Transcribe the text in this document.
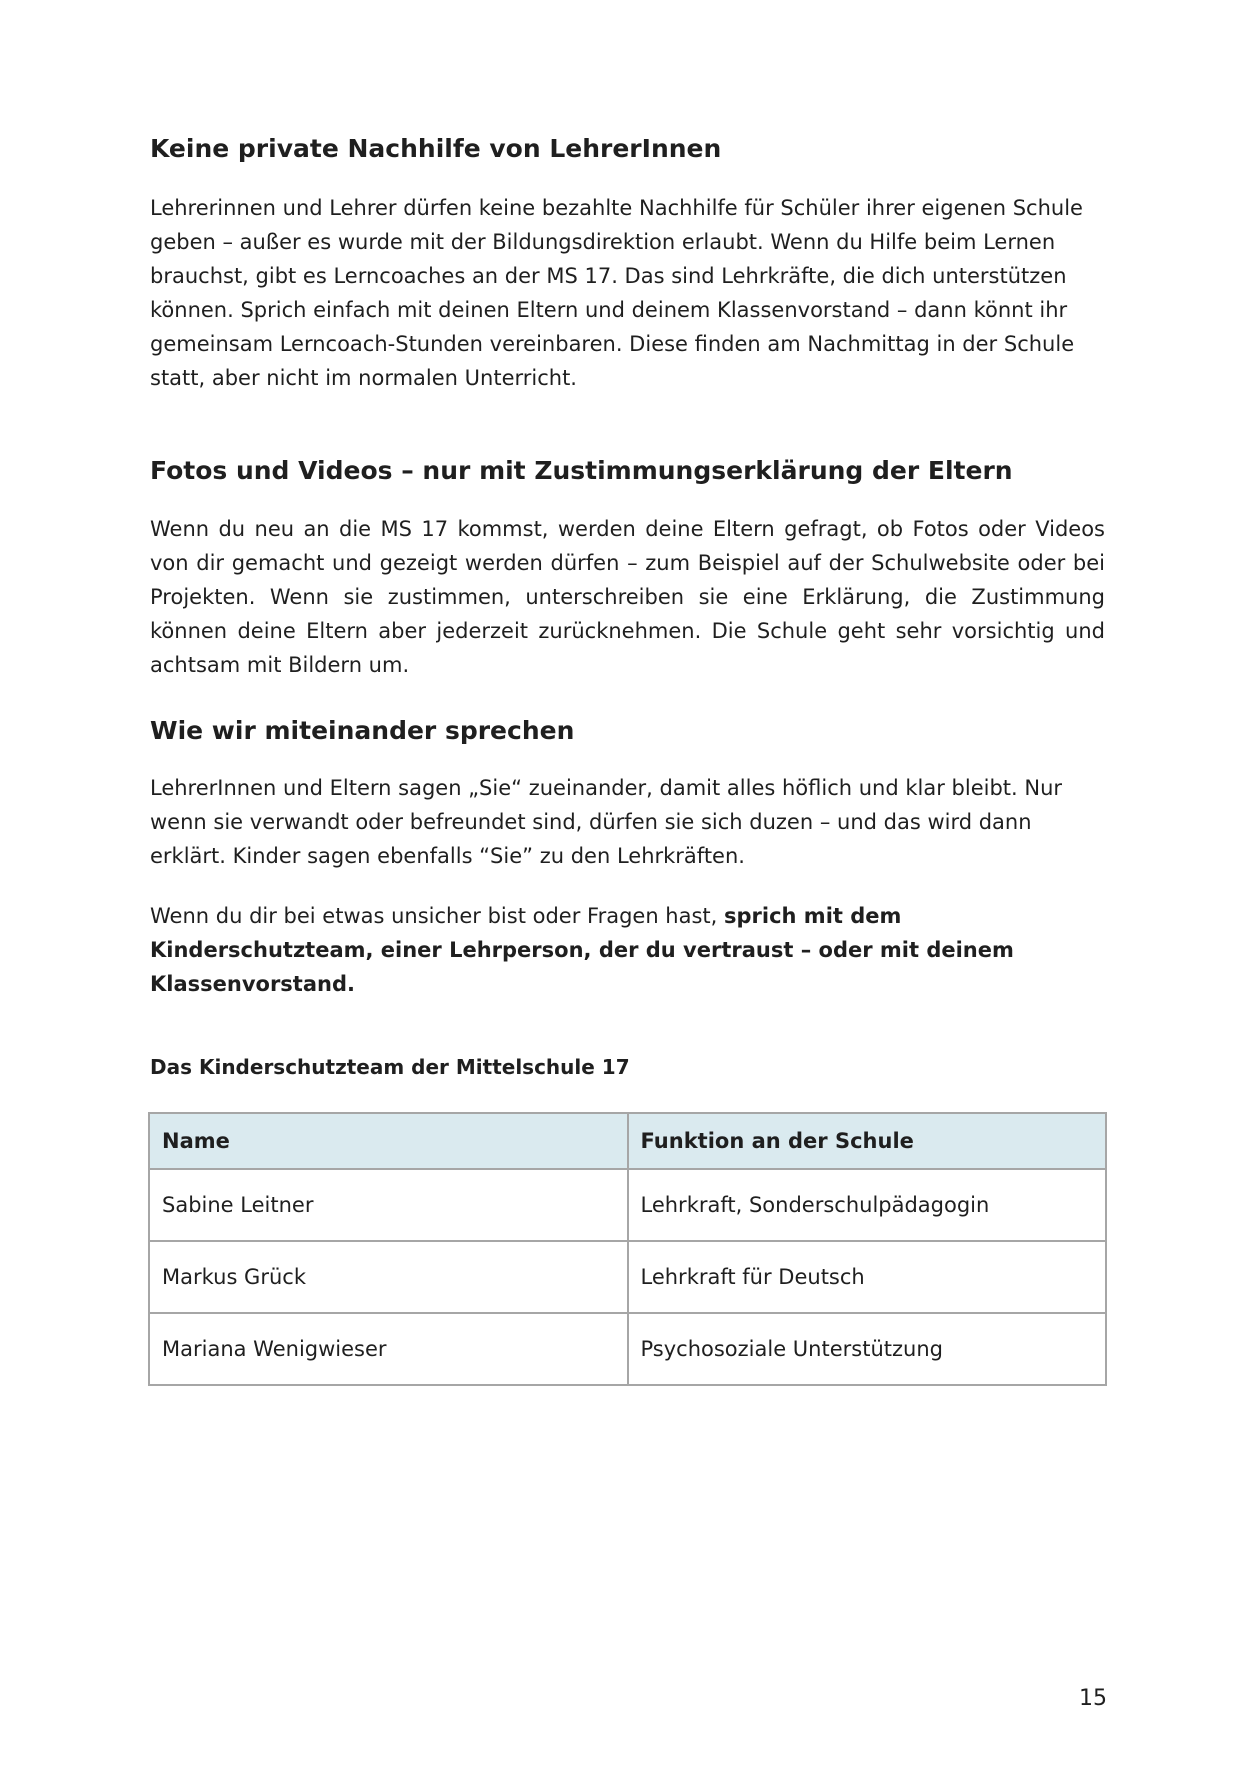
Keine private Nachhilfe von LehrerInnen

Lehrerinnen und Lehrer dürfen keine bezahlte Nachhilfe für Schüler ihrer eigenen Schule geben – außer es wurde mit der Bildungsdirektion erlaubt. Wenn du Hilfe beim Lernen brauchst, gibt es Lerncoaches an der MS 17. Das sind Lehrkräfte, die dich unterstützen können. Sprich einfach mit deinen Eltern und deinem Klassenvorstand – dann könnt ihr gemeinsam Lerncoach-Stunden vereinbaren. Diese finden am Nachmittag in der Schule statt, aber nicht im normalen Unterricht.

Fotos und Videos – nur mit Zustimmungserklärung der Eltern

Wenn du neu an die MS 17 kommst, werden deine Eltern gefragt, ob Fotos oder Videos von dir gemacht und gezeigt werden dürfen – zum Beispiel auf der Schulwebsite oder bei Projekten. Wenn sie zustimmen, unterschreiben sie eine Erklärung, die Zustimmung können deine Eltern aber jederzeit zurücknehmen. Die Schule geht sehr vorsichtig und achtsam mit Bildern um.

Wie wir miteinander sprechen

LehrerInnen und Eltern sagen „Sie“ zueinander, damit alles höflich und klar bleibt. Nur wenn sie verwandt oder befreundet sind, dürfen sie sich duzen – und das wird dann erklärt. Kinder sagen ebenfalls “Sie” zu den Lehrkräften.

Wenn du dir bei etwas unsicher bist oder Fragen hast, sprich mit dem Kinderschutzteam, einer Lehrperson, der du vertraust – oder mit deinem Klassenvorstand.

Das Kinderschutzteam der Mittelschule 17

Name	Funktion an der Schule
Sabine Leitner	Lehrkraft, Sonderschulpädagogin
Markus Grück	Lehrkraft für Deutsch
Mariana Wenigwieser	Psychosoziale Unterstützung
15
